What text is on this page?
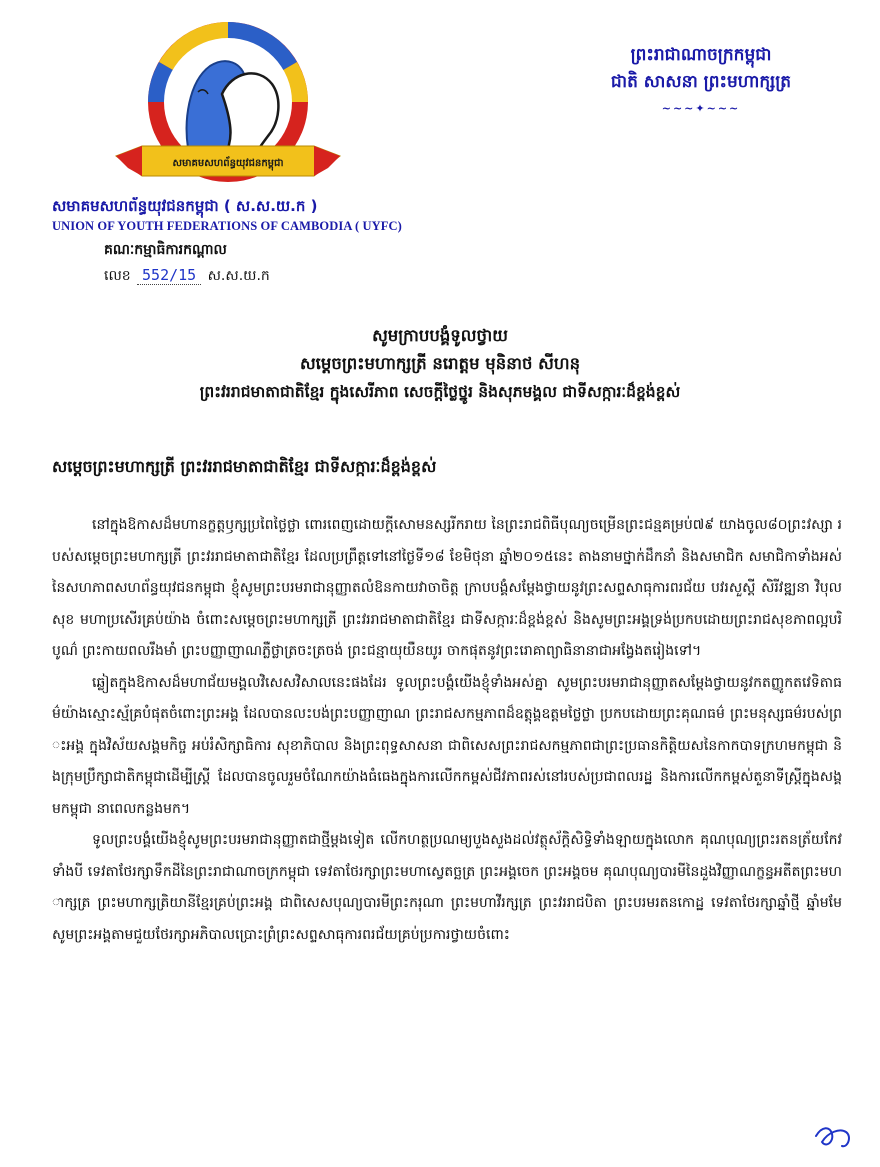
សមាគមសហព័ន្ធយុវជនកម្ពុជា
សមាគមសហព័ន្ធយុវជនកម្ពុជា ( ស.ស.យ.ក )
UNION OF YOUTH FEDERATIONS OF CAMBODIA ( UYFC)
គណៈកម្មាធិការកណ្តាល
លេខ 552/15 ស.ស.យ.ក
ព្រះរាជាណាចក្រកម្ពុជា
ជាតិ សាសនា ព្រះមហាក្សត្រ
~~~✦~~~
សូមក្រាបបង្គំទូលថ្វាយ
សម្តេចព្រះមហាក្សត្រី នរោត្តម មុនិនាថ សីហនុ
ព្រះវររាជមាតាជាតិខ្មែរ ក្នុងសេរីភាព សេចក្តីថ្លៃថ្នូរ និងសុភមង្គល ជាទីសក្ការៈដ៏ខ្ពង់ខ្ពស់
សម្តេចព្រះមហាក្សត្រី ព្រះវររាជមាតាជាតិខ្មែរ ជាទីសក្ការៈដ៏ខ្ពង់ខ្ពស់

នៅក្នុងឱកាសដ៏មហានក្ខត្តឫក្សប្រពៃថ្លៃថ្លា ពោរពេញដោយក្តីសោមនស្សរីករាយ នៃព្រះរាជពិធីបុណ្យចម្រើនព្រះជន្មគម្រប់៧៩ យាងចូល៨០ព្រះវស្សា របស់សម្តេចព្រះមហាក្សត្រី ព្រះវររាជមាតាជាតិខ្មែរ ដែលប្រព្រឹត្តទៅនៅថ្ងៃទី១៨ ខែមិថុនា ឆ្នាំ២០១៥នេះ តាងនាមថ្នាក់ដឹកនាំ និងសមាជិក សមាជិកាទាំងអស់នៃសហភាពសហព័ន្ធយុវជនកម្ពុជា ខ្ញុំសូមព្រះបរមរាជានុញ្ញាតលំឱនកាយវាចាចិត្ត ក្រាបបង្គំសម្តែងថ្វាយនូវព្រះសព្ទសាធុការពរជ័យ បវរសួស្តី សិរីវឌ្ឍនា វិបុលសុខ មហាប្រសើរគ្រប់យ៉ាង ចំពោះសម្តេចព្រះមហាក្សត្រី ព្រះវររាជមាតាជាតិខ្មែរ ជាទីសក្ការៈដ៏ខ្ពង់ខ្ពស់ និងសូមព្រះអង្គទ្រង់ប្រកបដោយព្រះរាជសុខភាពល្អបរិបូណ៌ ព្រះកាយពលរឹងមាំ ព្រះបញ្ញាញាណភ្លឺថ្លាត្រចះត្រចង់ ព្រះជន្មាយុយឺនយូរ ចាកផុតនូវព្រះរោគាព្យាធិនានាជាអង្វែងតរៀងទៅ។

ឆ្លៀតក្នុងឱកាសដ៏មហាជ័យមង្គលវិសេសវិសាលនេះផងដែរ ទូលព្រះបង្គំយើងខ្ញុំទាំងអស់គ្នា សូមព្រះបរមរាជានុញ្ញាតសម្តែងថ្វាយនូវកតញ្ញូកតវេទិតាធម៌យ៉ាងស្មោះស្ម័គ្របំផុតចំពោះព្រះអង្គ ដែលបានលះបង់ព្រះបញ្ញាញាណ ព្រះរាជសកម្មភាពដ៏ឧត្តុង្គឧត្តមថ្លៃថ្លា ប្រកបដោយព្រះគុណធម៌ ព្រះមនុស្សធម៌របស់ព្រះអង្គ ក្នុងវិស័យសង្គមកិច្ច អប់រំសិក្សាធិការ សុខាភិបាល និងព្រះពុទ្ធសាសនា ជាពិសេសព្រះរាជសកម្មភាពជាព្រះប្រធានកិត្តិយសនៃកាកបាទក្រហមកម្ពុជា និងក្រុមប្រឹក្សាជាតិកម្ពុជាដើម្បីស្ត្រី ដែលបានចូលរួមចំណែកយ៉ាងធំធេងក្នុងការលើកកម្ពស់ជីវភាពរស់នៅរបស់ប្រជាពលរដ្ឋ និងការលើកកម្ពស់តួនាទីស្ត្រីក្នុងសង្គមកម្ពុជា នាពេលកន្លងមក។

ទូលព្រះបង្គំយើងខ្ញុំសូមព្រះបរមរាជានុញ្ញាតជាថ្មីម្តងទៀត លើកហត្ថប្រណម្យបួងសួងដល់វត្ថុស័ក្តិសិទ្ធិទាំងឡាយក្នុងលោក គុណបុណ្យព្រះរតនត្រ័យកែវទាំងបី ទេវតាថែរក្សាទឹកដីនៃព្រះរាជាណាចក្រកម្ពុជា ទេវតាថែរក្សាព្រះមហាស្វេតច្ឆត្រ ព្រះអង្គចេក ព្រះអង្គចម គុណបុណ្យបារមីនៃដួងវិញ្ញាណក្ខន្ធអតីតព្រះមហាក្សត្រ ព្រះមហាក្សត្រិយានីខ្មែរគ្រប់ព្រះអង្គ ជាពិសេសបុណ្យបារមីព្រះករុណា ព្រះមហាវីរក្សត្រ ព្រះវររាជបិតា ព្រះបរមរតនកោដ្ឋ ទេវតាថែរក្សាឆ្នាំថ្មី ឆ្នាំមមែ សូមព្រះអង្គតាមជួយថែរក្សាអភិបាលប្រោះព្រំព្រះសព្ទសាធុការពរជ័យគ្រប់ប្រការថ្វាយចំពោះ
